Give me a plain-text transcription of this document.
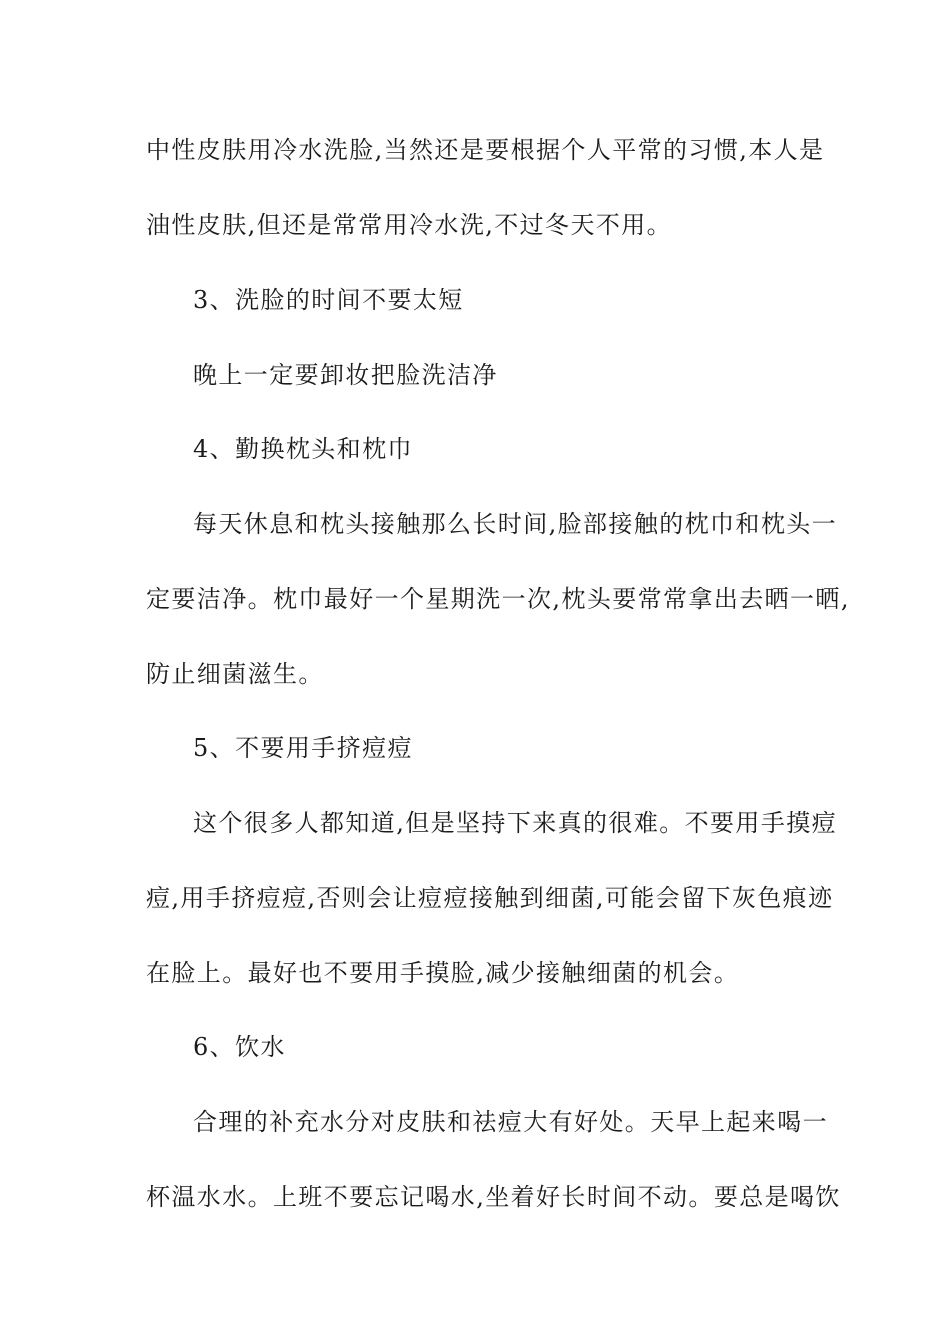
中性皮肤用冷水洗脸,当然还是要根据个人平常的习惯,本人是
油性皮肤,但还是常常用冷水洗,不过冬天不用。
3、洗脸的时间不要太短
晚上一定要卸妆把脸洗洁净
4、勤换枕头和枕巾
每天休息和枕头接触那么长时间,脸部接触的枕巾和枕头一
定要洁净。枕巾最好一个星期洗一次,枕头要常常拿出去晒一晒,
防止细菌滋生。
5、不要用手挤痘痘
这个很多人都知道,但是坚持下来真的很难。不要用手摸痘
痘,用手挤痘痘,否则会让痘痘接触到细菌,可能会留下灰色痕迹
在脸上。最好也不要用手摸脸,减少接触细菌的机会。
6、饮水
合理的补充水分对皮肤和祛痘大有好处。天早上起来喝一
杯温水水。上班不要忘记喝水,坐着好长时间不动。要总是喝饮
